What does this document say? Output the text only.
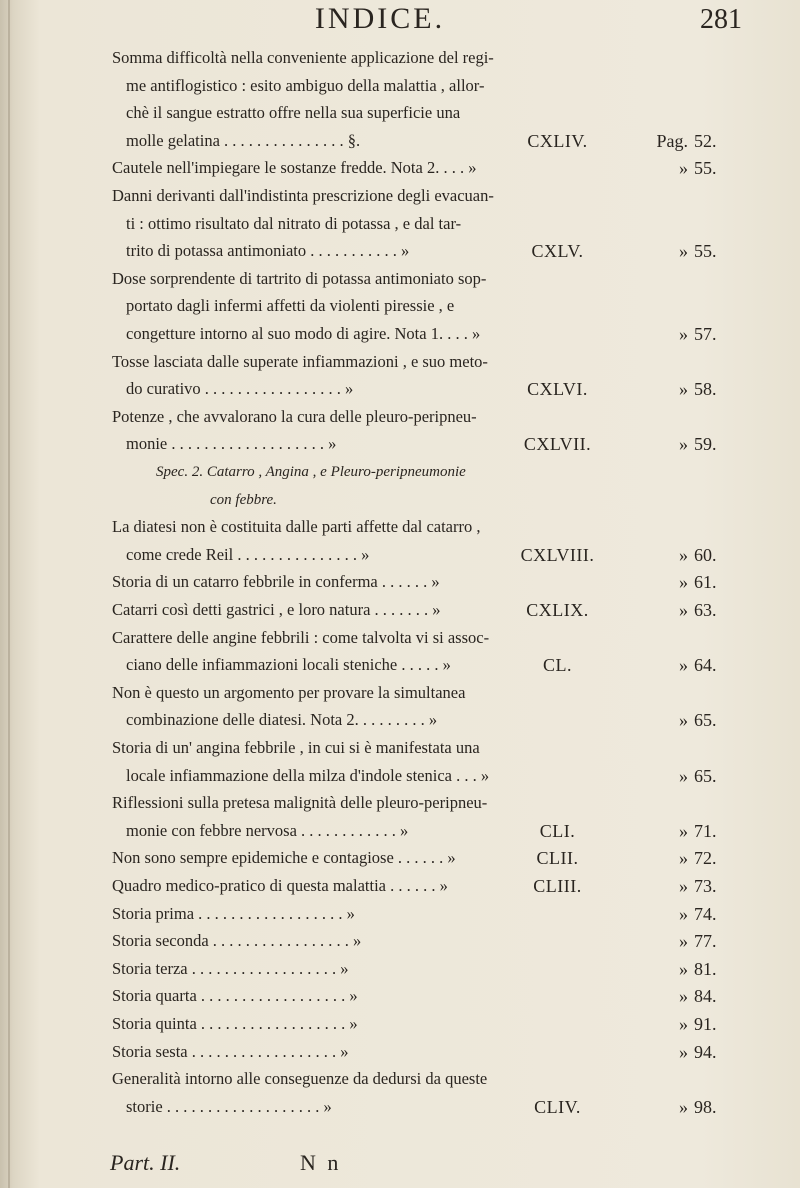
INDICE.	281
Somma difficoltà nella conveniente applicazione del regi-
me antiflogistico : esito ambiguo della malattia , allor-
chè il sangue estratto offre nella sua superficie una
molle gelatina . . . . . . . . . . . . . . . §.	CXLIV.	Pag. 52.
Cautele nell'impiegare le sostanze fredde. Nota 2. . . . »	» 55.
Danni derivanti dall'indistinta prescrizione degli evacuan-
ti : ottimo risultato dal nitrato di potassa , e dal tar-
trito di potassa antimoniato . . . . . . . . . . . »	CXLV.	» 55.
Dose sorprendente di tartrito di potassa antimoniato sop-
portato dagli infermi affetti da violenti piressie , e
congetture intorno al suo modo di agire. Nota 1. . . . »	» 57.
Tosse lasciata dalle superate infiammazioni , e suo meto-
do curativo . . . . . . . . . . . . . . . . . »	CXLVI.	» 58.
Potenze , che avvalorano la cura delle pleuro-peripneu-
monie . . . . . . . . . . . . . . . . . . . »	CXLVII.	» 59.
Spec. 2. Catarro , Angina , e Pleuro-peripneumonie
con febbre.
La diatesi non è costituita dalle parti affette dal catarro ,
come crede Reil . . . . . . . . . . . . . . . »	CXLVIII.	» 60.
Storia di un catarro febbrile in conferma . . . . . . »	» 61.
Catarri così detti gastrici , e loro natura . . . . . . . »	CXLIX.	» 63.
Carattere delle angine febbrili : come talvolta vi si assoc-
ciano delle infiammazioni locali steniche . . . . . »	CL.	» 64.
Non è questo un argomento per provare la simultanea
combinazione delle diatesi. Nota 2. . . . . . . . . »	» 65.
Storia di un' angina febbrile , in cui si è manifestata una
locale infiammazione della milza d'indole stenica . . . »	» 65.
Riflessioni sulla pretesa malignità delle pleuro-peripneu-
monie con febbre nervosa . . . . . . . . . . . . »	CLI.	» 71.
Non sono sempre epidemiche e contagiose . . . . . . »	CLII.	» 72.
Quadro medico-pratico di questa malattia . . . . . . »	CLIII.	» 73.
Storia prima . . . . . . . . . . . . . . . . . . »	» 74.
Storia seconda . . . . . . . . . . . . . . . . . »	» 77.
Storia terza . . . . . . . . . . . . . . . . . . »	» 81.
Storia quarta . . . . . . . . . . . . . . . . . . »	» 84.
Storia quinta . . . . . . . . . . . . . . . . . . »	» 91.
Storia sesta . . . . . . . . . . . . . . . . . . »	» 94.
Generalità intorno alle conseguenze da dedursi da queste
storie . . . . . . . . . . . . . . . . . . . »	CLIV.	» 98.
Part. II.	N n
